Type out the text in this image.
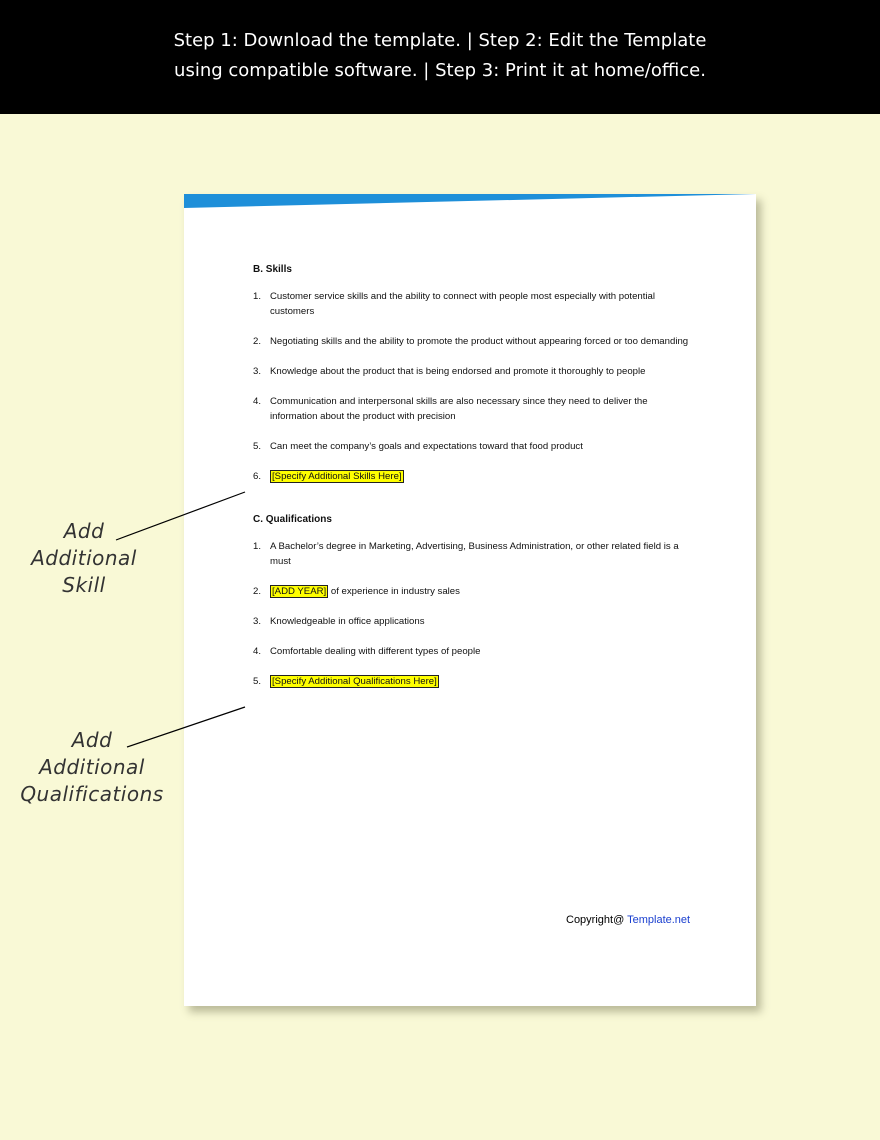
Step 1: Download the template. | Step 2: Edit the Template
using compatible software. | Step 3: Print it at home/office.
B. Skills
1. Customer service skills and the ability to connect with people most especially with potential customers
2. Negotiating skills and the ability to promote the product without appearing forced or too demanding
3. Knowledge about the product that is being endorsed and promote it thoroughly to people
4. Communication and interpersonal skills are also necessary since they need to deliver the information about the product with precision
5. Can meet the company’s goals and expectations toward that food product
6. [Specify Additional Skills Here]
C. Qualifications
1. A Bachelor’s degree in Marketing, Advertising, Business Administration, or other related field is a must
2. [ADD YEAR] of experience in industry sales
3. Knowledgeable in office applications
4. Comfortable dealing with different types of people
5. [Specify Additional Qualifications Here]
Copyright@ Template.net
Add
Additional
Skill
Add
Additional
Qualifications
